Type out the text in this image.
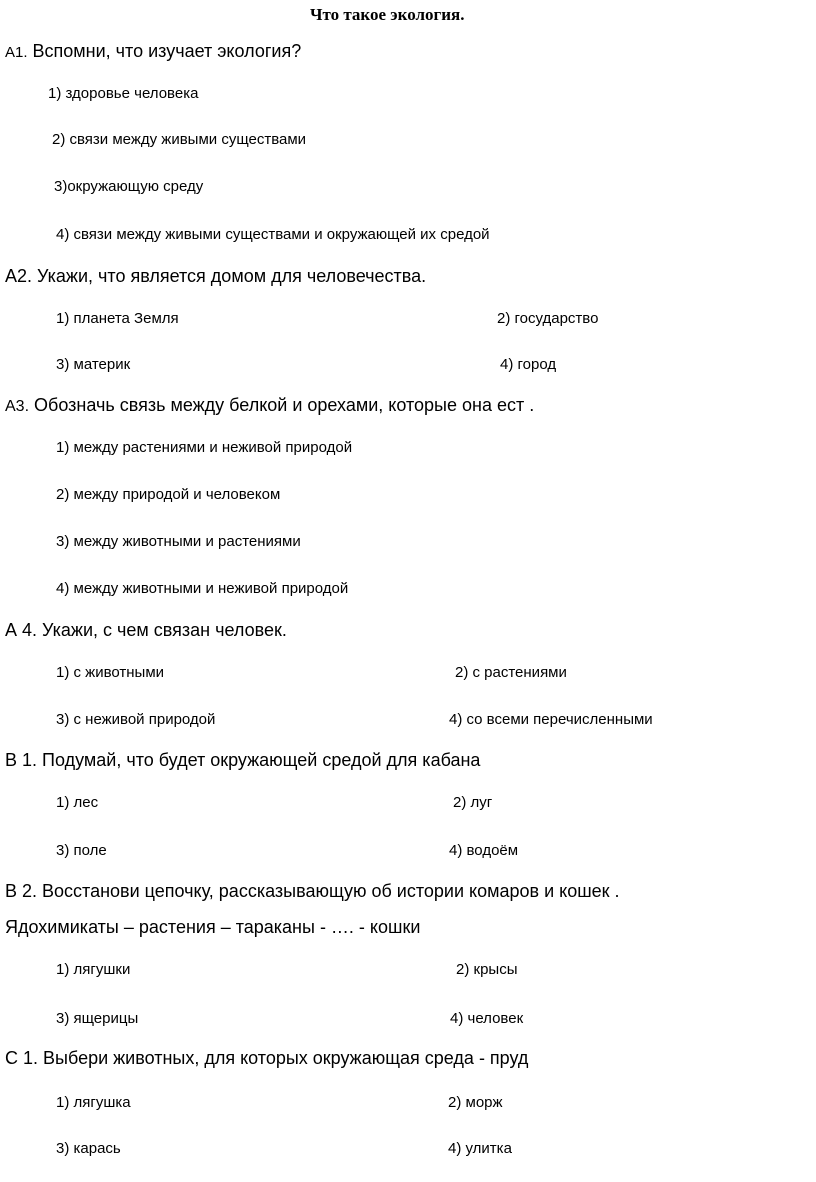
Что такое экология.
А1. Вспомни, что изучает экология?
1) здоровье человека
2) связи между живыми существами
3)окружающую среду
4) связи между живыми существами и окружающей их средой
А2. Укажи, что является домом для человечества.
1) планета Земля	2) государство
3) материк	4) город
А3. Обозначь связь между белкой и орехами, которые она ест .
1) между растениями и неживой природой
2) между природой и человеком
3) между животными и растениями
4) между животными и неживой природой
А 4. Укажи, с чем связан человек.
1) с животными	2) с растениями
3) с неживой природой	4) со всеми перечисленными
В 1. Подумай, что будет окружающей средой для кабана
1) лес	2) луг
3) поле	4) водоём
В 2. Восстанови цепочку, рассказывающую об истории комаров и кошек .
Ядохимикаты – растения – тараканы - …. - кошки
1) лягушки	2) крысы
3) ящерицы	4) человек
С 1. Выбери животных, для которых окружающая среда - пруд
1) лягушка	2) морж
3) карась	4) улитка
